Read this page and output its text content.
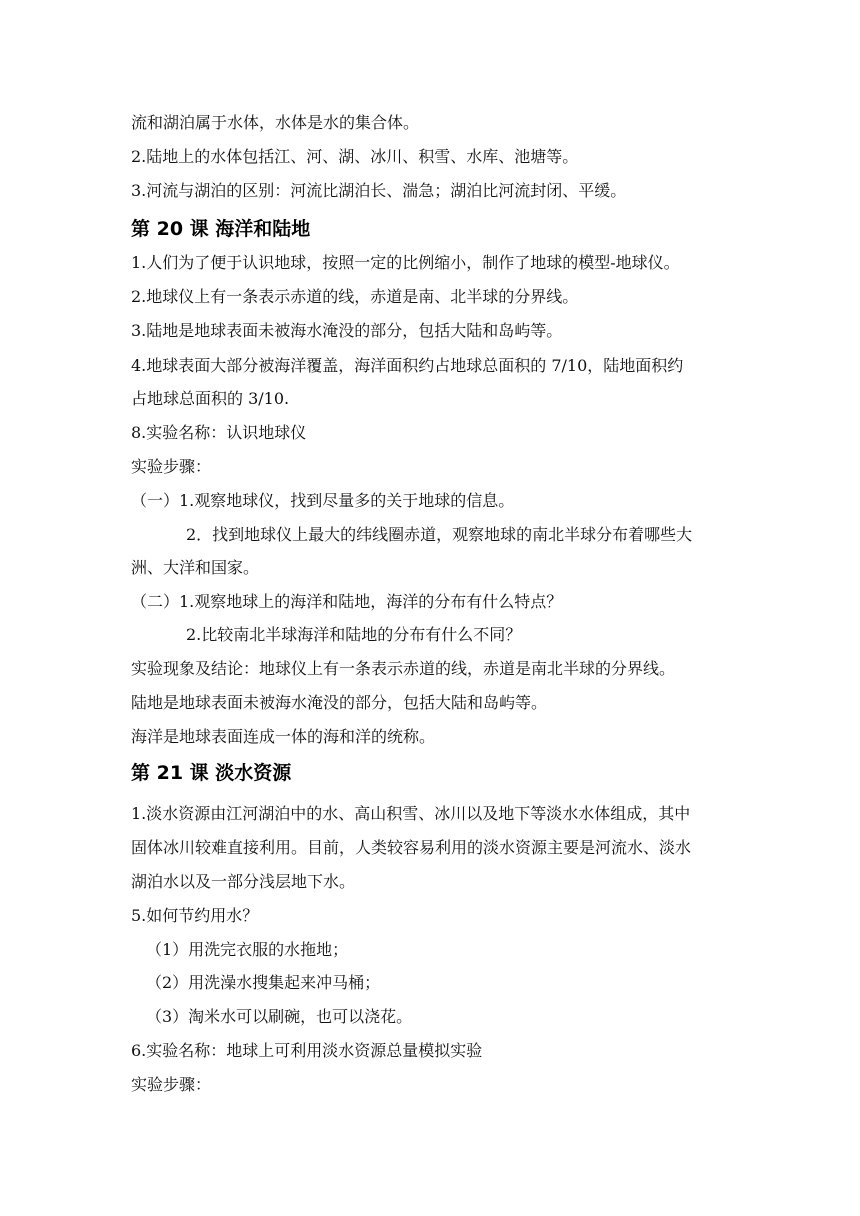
流和湖泊属于水体，水体是水的集合体。
2.陆地上的水体包括江、河、湖、冰川、积雪、水库、池塘等。
3.河流与湖泊的区别：河流比湖泊长、湍急；湖泊比河流封闭、平缓。
第 20 课 海洋和陆地
1.人们为了便于认识地球，按照一定的比例缩小，制作了地球的模型-地球仪。
2.地球仪上有一条表示赤道的线，赤道是南、北半球的分界线。
3.陆地是地球表面未被海水淹没的部分，包括大陆和岛屿等。
4.地球表面大部分被海洋覆盖，海洋面积约占地球总面积的 7/10，陆地面积约
占地球总面积的 3/10.
8.实验名称：认识地球仪
实验步骤：
（一）1.观察地球仪，找到尽量多的关于地球的信息。
2．找到地球仪上最大的纬线圈赤道，观察地球的南北半球分布着哪些大
洲、大洋和国家。
（二）1.观察地球上的海洋和陆地，海洋的分布有什么特点？
2.比较南北半球海洋和陆地的分布有什么不同？
实验现象及结论：地球仪上有一条表示赤道的线，赤道是南北半球的分界线。
陆地是地球表面未被海水淹没的部分，包括大陆和岛屿等。
海洋是地球表面连成一体的海和洋的统称。
第 21 课 淡水资源
1.淡水资源由江河湖泊中的水、高山积雪、冰川以及地下等淡水水体组成，其中
固体冰川较难直接利用。目前，人类较容易利用的淡水资源主要是河流水、淡水
湖泊水以及一部分浅层地下水。
5.如何节约用水？
（1）用洗完衣服的水拖地；
（2）用洗澡水搜集起来冲马桶；
（3）淘米水可以刷碗，也可以浇花。
6.实验名称：地球上可利用淡水资源总量模拟实验
实验步骤：
